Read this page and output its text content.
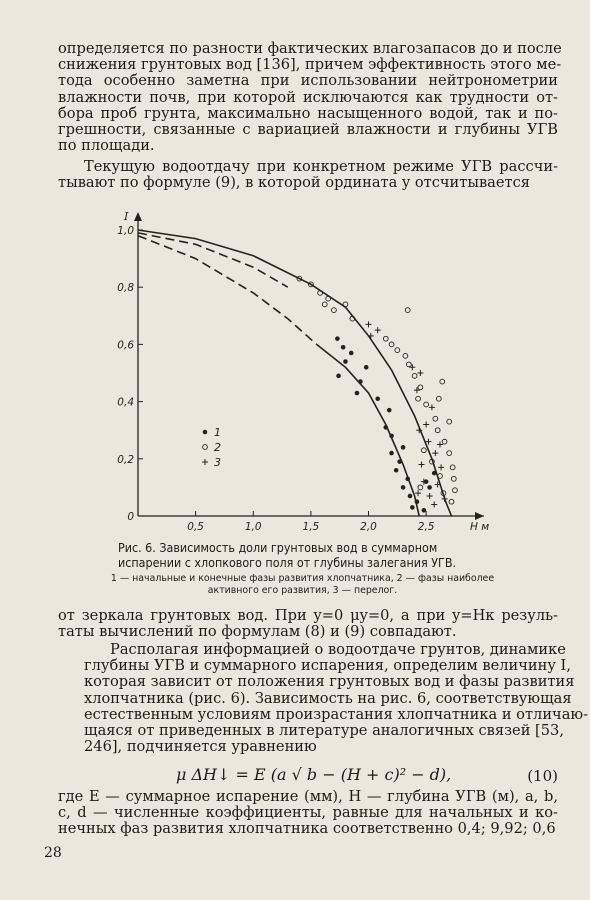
определяется по разности фактических влагозапасов до и после
снижения грунтовых вод [136], причем эффективность этого ме-
тода особенно заметна при использовании нейтронометрии
влажности почв, при которой исключаются как трудности от-
бора проб грунта, максимально насыщенного водой, так и по-
грешности, связанные с вариацией влажности и глубины УГВ
по площади.
Текущую водоотдачу при конкретном режиме УГВ рассчи-
тывают по формуле (9), в которой ордината y отсчитывается
0
0,2
0,4
0,6
0,8
1,0
0,5	1,0	1,5	2,0	2,5
I
Н м
1
2
3
Рис. 6. Зависимость доли грунтовых вод в суммарном испарении с хлопкового поля от глубины залегания УГВ.
1 — начальные и конечные фазы развития хлопчатника, 2 — фазы наиболее активного его развития, 3 — перелог.
от зеркала грунтовых вод. При y=0 μy=0, а при y=Hк резуль-
таты вычислений по формулам (8) и (9) совпадают.
Располагая информацией о водоотдаче грунтов, динамике
глубины УГВ и суммарного испарения, определим величину I,
которая зависит от положения грунтовых вод и фазы развития
хлопчатника (рис. 6). Зависимость на рис. 6, соответствующая
естественным условиям произрастания хлопчатника и отличаю-
щаяся от приведенных в литературе аналогичных связей [53,
246], подчиняется уравнению
μ ΔH↓ = E (a √ b − (H + c)² − d),	(10)
где E — суммарное испарение (мм), H — глубина УГВ (м), a, b,
c, d — численные коэффициенты, равные для начальных и ко-
нечных фаз развития хлопчатника соответственно 0,4; 9,92; 0,6
28
